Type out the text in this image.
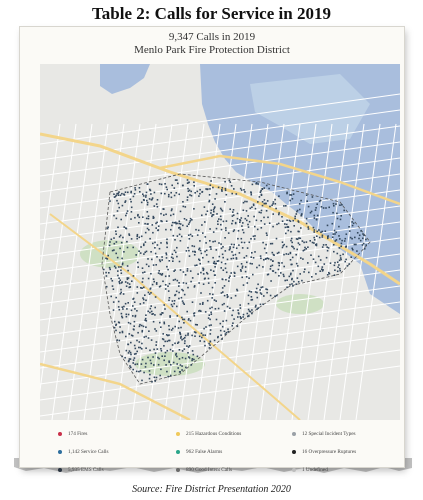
Table 2: Calls for Service in 2019
9,347 Calls in 2019
Menlo Park Fire Protection District
174 Fires	215 Hazardous Conditions	12 Special Incident Types
1,142 Service Calls	962 False Alarms	16 Overpressure Ruptures
5,935 EMS Calls	890 Good Intent Calls	1 Undefined
Source: Fire District Presentation 2020
